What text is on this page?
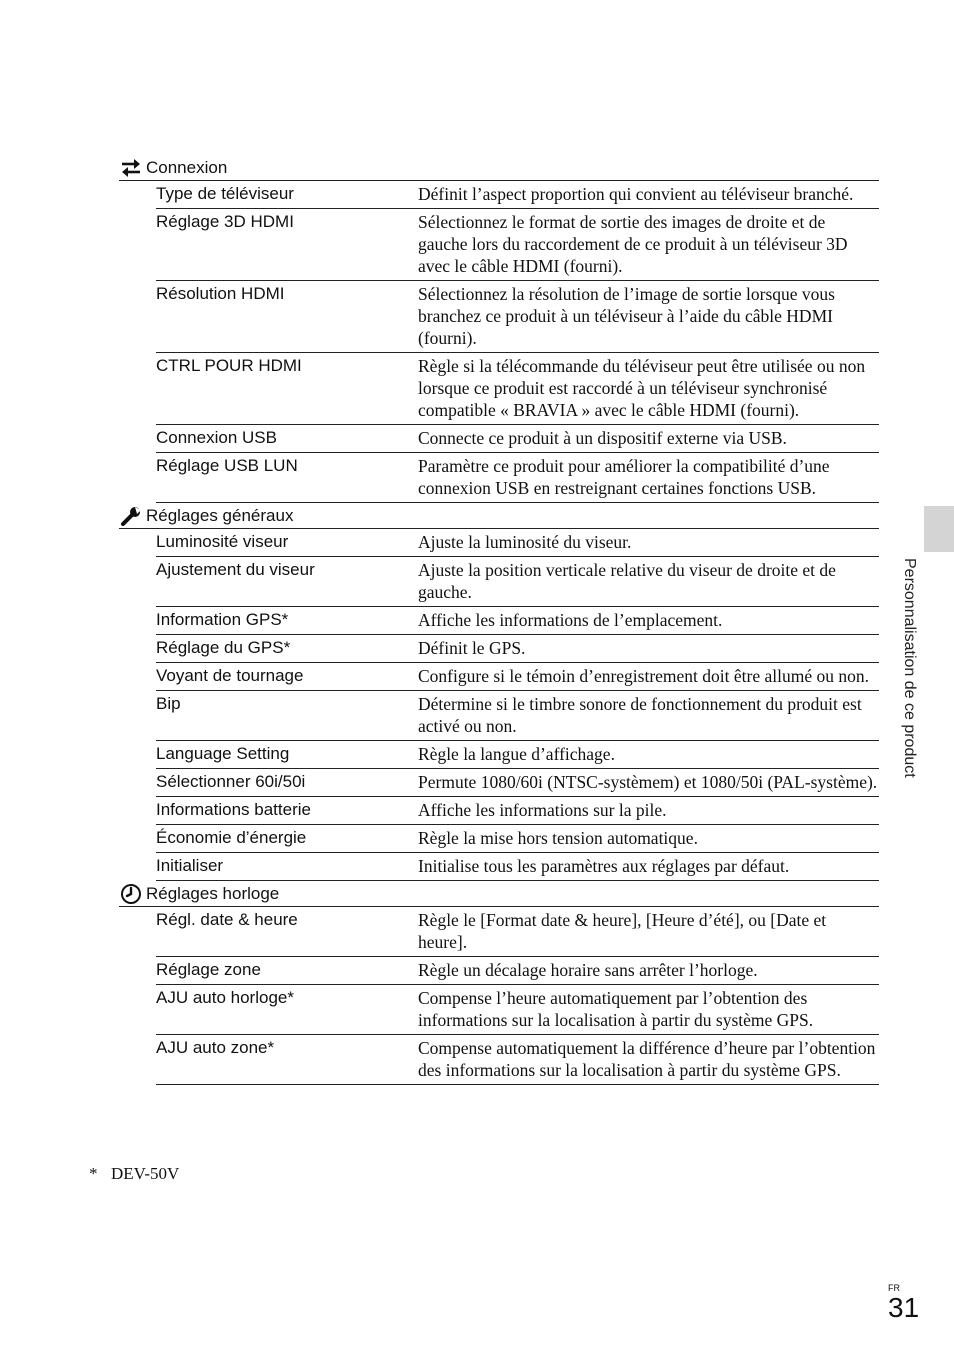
Connexion
Type de téléviseur	Définit l’aspect proportion qui convient au téléviseur branché.
Réglage 3D HDMI	Sélectionnez le format de sortie des images de droite et de gauche lors du raccordement de ce produit à un téléviseur 3D avec le câble HDMI (fourni).
Résolution HDMI	Sélectionnez la résolution de l’image de sortie lorsque vous branchez ce produit à un téléviseur à l’aide du câble HDMI (fourni).
CTRL POUR HDMI	Règle si la télécommande du téléviseur peut être utilisée ou non lorsque ce produit est raccordé à un téléviseur synchronisé compatible « BRAVIA » avec le câble HDMI (fourni).
Connexion USB	Connecte ce produit à un dispositif externe via USB.
Réglage USB LUN	Paramètre ce produit pour améliorer la compatibilité d’une connexion USB en restreignant certaines fonctions USB.
Réglages généraux
Luminosité viseur	Ajuste la luminosité du viseur.
Ajustement du viseur	Ajuste la position verticale relative du viseur de droite et de gauche.
Information GPS*	Affiche les informations de l’emplacement.
Réglage du GPS*	Définit le GPS.
Voyant de tournage	Configure si le témoin d’enregistrement doit être allumé ou non.
Bip	Détermine si le timbre sonore de fonctionnement du produit est activé ou non.
Language Setting	Règle la langue d’affichage.
Sélectionner 60i/50i	Permute 1080/60i (NTSC-systèmem) et 1080/50i (PAL-système).
Informations batterie	Affiche les informations sur la pile.
Économie d’énergie	Règle la mise hors tension automatique.
Initialiser	Initialise tous les paramètres aux réglages par défaut.
Réglages horloge
Régl. date & heure	Règle le [Format date & heure], [Heure d’été], ou [Date et heure].
Réglage zone	Règle un décalage horaire sans arrêter l’horloge.
AJU auto horloge*	Compense l’heure automatiquement par l’obtention des informations sur la localisation à partir du système GPS.
AJU auto zone*	Compense automatiquement la différence d’heure par l’obtention des informations sur la localisation à partir du système GPS.
* DEV-50V
Personnalisation de ce product
FR
31
